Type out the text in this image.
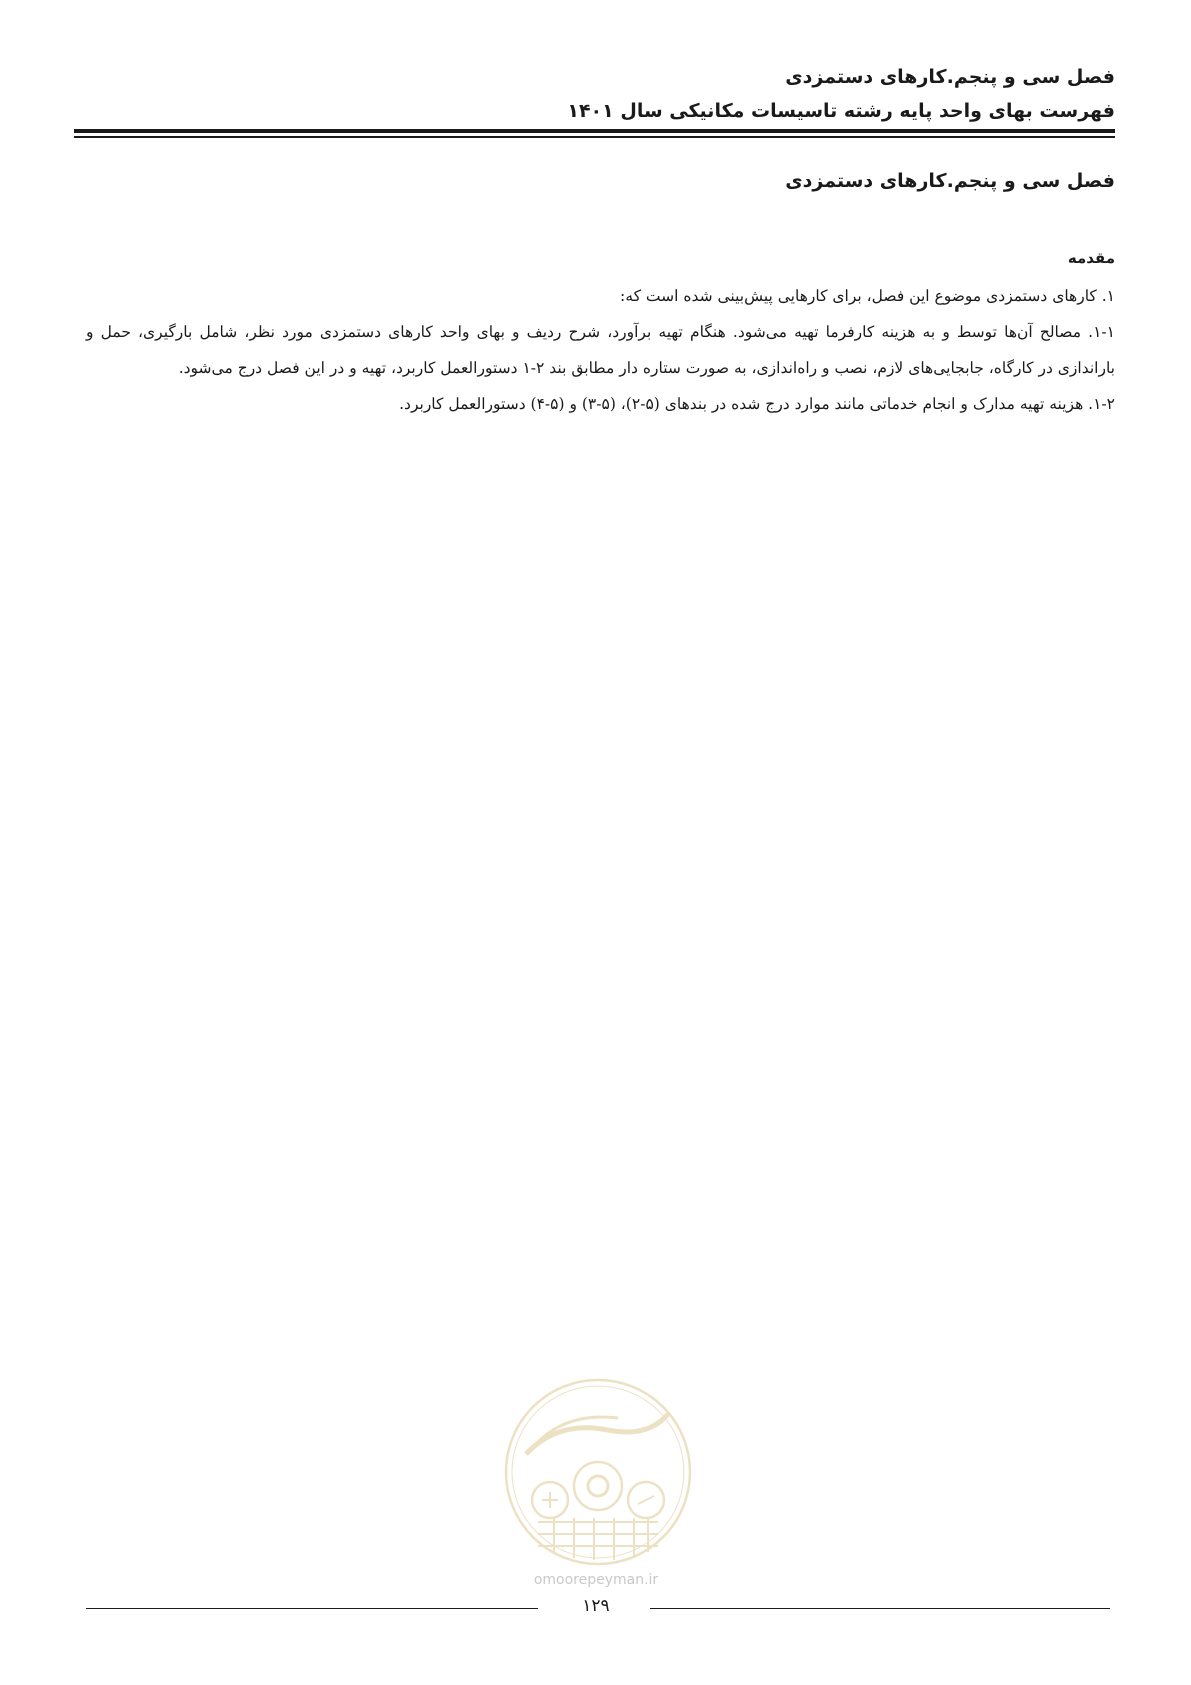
فصل سی و پنجم.کارهای دستمزدی
فهرست بهای واحد پایه رشته تاسیسات مکانیکی سال ۱۴۰۱
فصل سی و پنجم.کارهای دستمزدی
مقدمه

۱. کارهای دستمزدی موضوع این فصل، برای کارهایی پیش‌بینی شده است که:

۱-۱. مصالح آن‌ها توسط و به هزینه کارفرما تهیه می‌شود. هنگام تهیه برآورد، شرح ردیف و بهای واحد کارهای دستمزدی مورد نظر، شامل بارگیری، حمل و باراندازی در کارگاه، جابجایی‌های لازم، نصب و راه‌اندازی، به صورت ستاره دار مطابق بند ۲-۱ دستورالعمل کاربرد، تهیه و در این فصل درج می‌شود.

۱-۲. هزینه تهیه مدارک و انجام خدماتی مانند موارد درج شده در بندهای (۵-۲)، (۵-۳) و (۵-۴) دستورالعمل کاربرد.

omoorepeyman.ir
۱۲۹
